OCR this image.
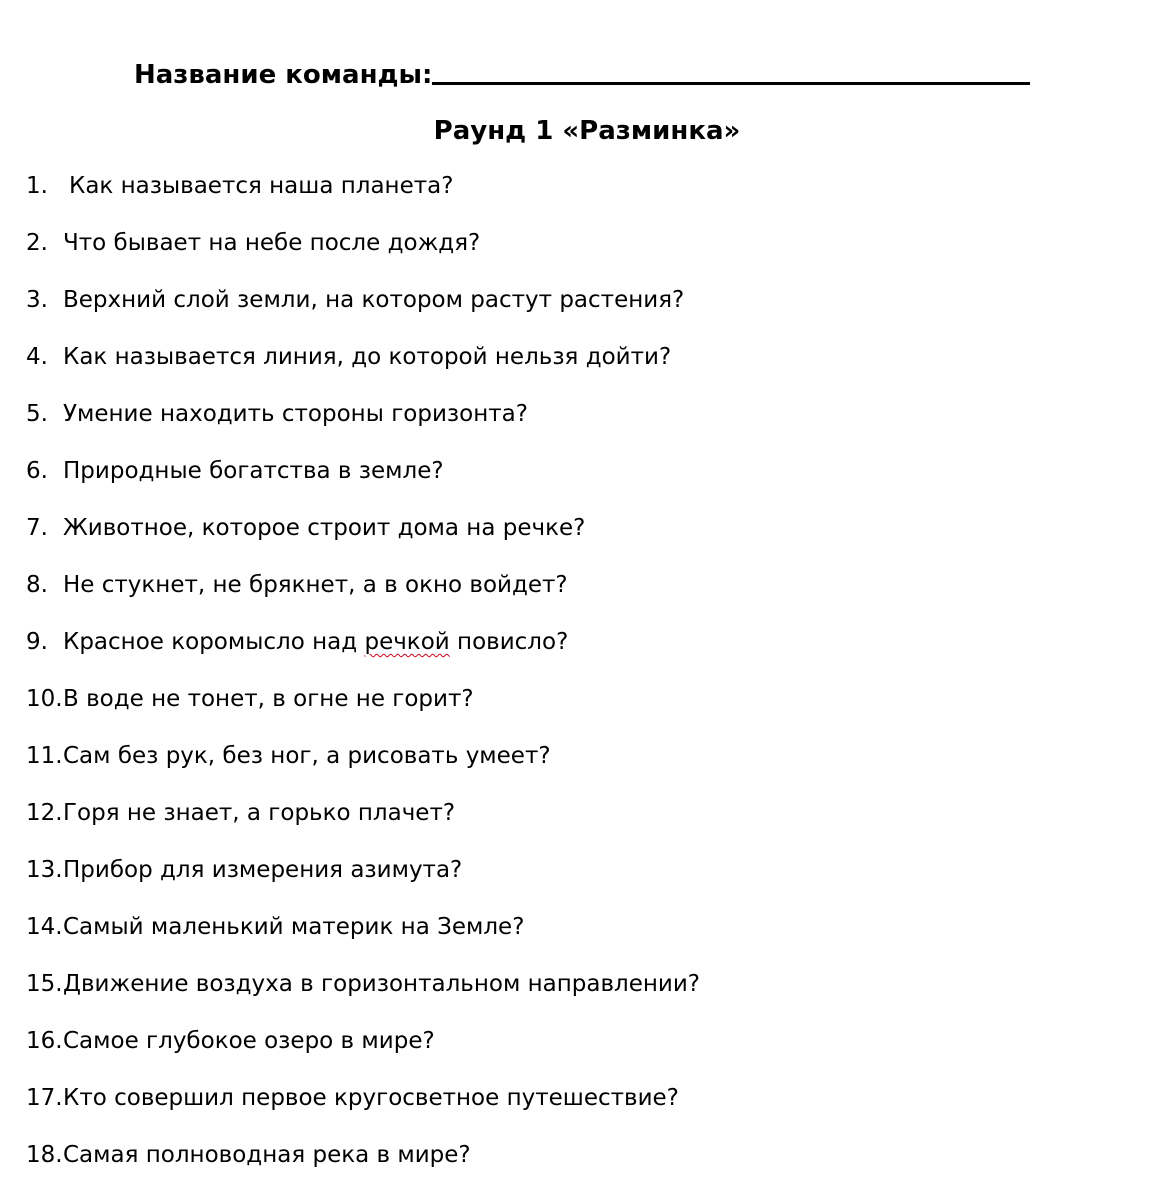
Название команды:
Раунд 1 «Разминка»
1. Как называется наша планета?
2. Что бывает на небе после дождя?
3. Верхний слой земли, на котором растут растения?
4. Как называется линия, до которой нельзя дойти?
5. Умение находить стороны горизонта?
6. Природные богатства в земле?
7. Животное, которое строит дома на речке?
8. Не стукнет, не брякнет, а в окно войдет?
9. Красное коромысло над речкой повисло?
10.В воде не тонет, в огне не горит?
11.Сам без рук, без ног, а рисовать умеет?
12.Горя не знает, а горько плачет?
13.Прибор для измерения азимута?
14.Самый маленький материк на Земле?
15.Движение воздуха в горизонтальном направлении?
16.Самое глубокое озеро в мире?
17.Кто совершил первое кругосветное путешествие?
18.Самая полноводная река в мире?
